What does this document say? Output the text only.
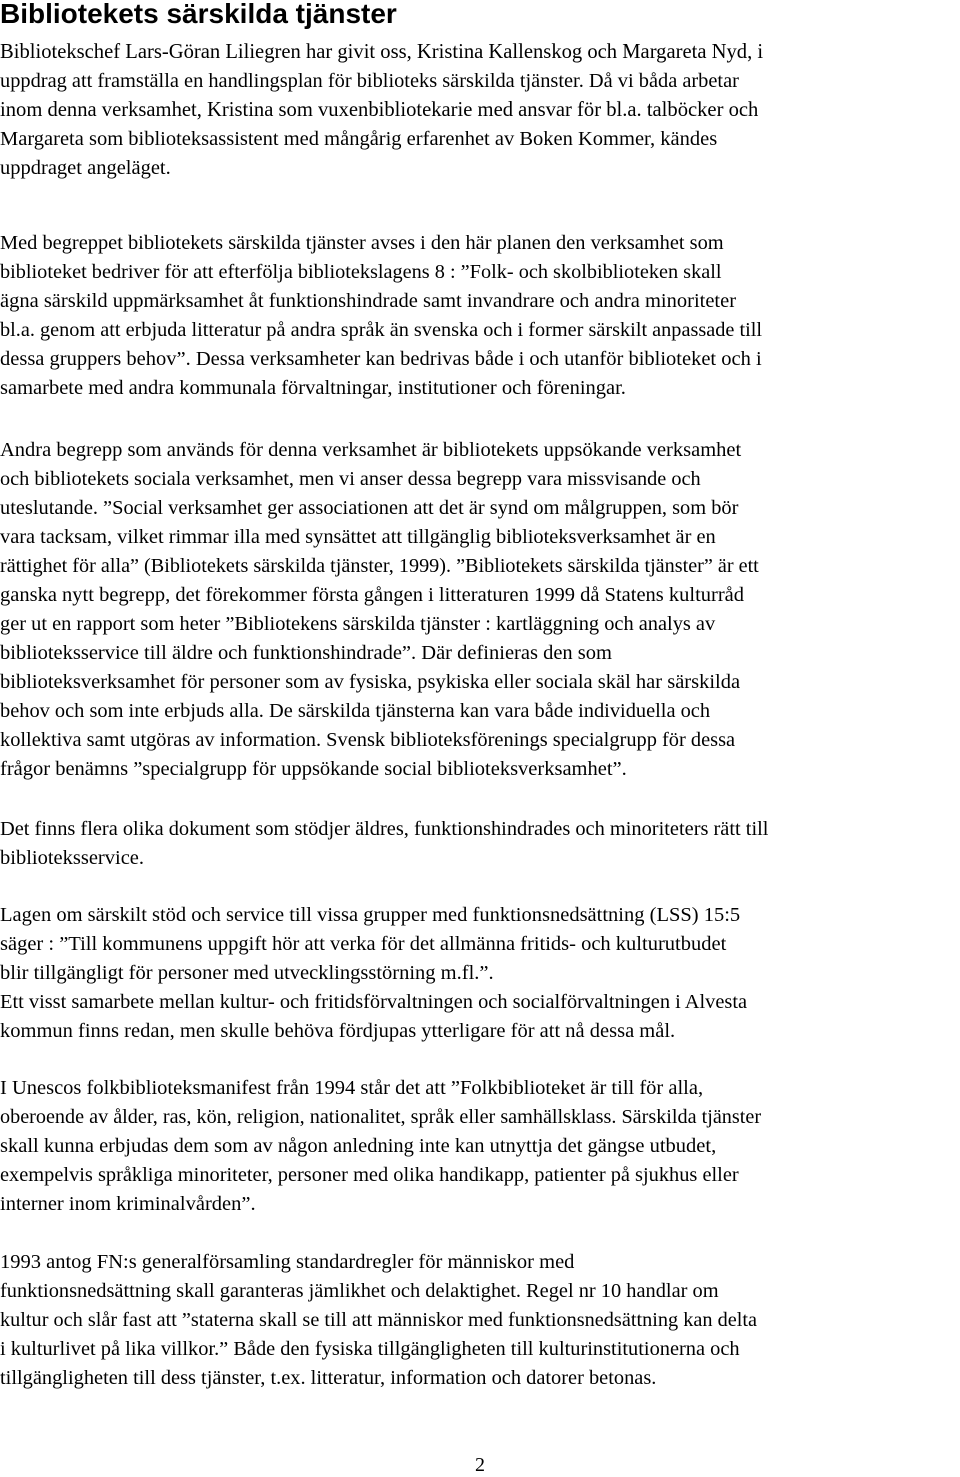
Bibliotekets särskilda tjänster
Bibliotekschef Lars-Göran Liliegren har givit oss, Kristina Kallenskog och Margareta Nyd, i
uppdrag att framställa en handlingsplan för biblioteks särskilda tjänster. Då vi båda arbetar
inom denna verksamhet, Kristina som vuxenbibliotekarie med ansvar för bl.a. talböcker och
Margareta som biblioteksassistent med mångårig erfarenhet av Boken Kommer, kändes
uppdraget angeläget.
Med begreppet bibliotekets särskilda tjänster avses i den här planen den verksamhet som
biblioteket bedriver för att efterfölja bibliotekslagens 8 : ”Folk- och skolbiblioteken skall
ägna särskild uppmärksamhet åt funktionshindrade samt invandrare och andra minoriteter
bl.a. genom att erbjuda litteratur på andra språk än svenska och i former särskilt anpassade till
dessa gruppers behov”. Dessa verksamheter kan bedrivas både i och utanför biblioteket och i
samarbete med andra kommunala förvaltningar, institutioner och föreningar.
Andra begrepp som används för denna verksamhet är bibliotekets uppsökande verksamhet
och bibliotekets sociala verksamhet, men vi anser dessa begrepp vara missvisande och
uteslutande. ”Social verksamhet ger associationen att det är synd om målgruppen, som bör
vara tacksam, vilket rimmar illa med synsättet att tillgänglig biblioteksverksamhet är en
rättighet för alla” (Bibliotekets särskilda tjänster, 1999). ”Bibliotekets särskilda tjänster” är ett
ganska nytt begrepp, det förekommer första gången i litteraturen 1999 då Statens kulturråd
ger ut en rapport som heter ”Bibliotekens särskilda tjänster : kartläggning och analys av
biblioteksservice till äldre och funktionshindrade”. Där definieras den som
biblioteksverksamhet för personer som av fysiska, psykiska eller sociala skäl har särskilda
behov och som inte erbjuds alla. De särskilda tjänsterna kan vara både individuella och
kollektiva samt utgöras av information. Svensk biblioteksförenings specialgrupp för dessa
frågor benämns ”specialgrupp för uppsökande social biblioteksverksamhet”.
Det finns flera olika dokument som stödjer äldres, funktionshindrades och minoriteters rätt till
biblioteksservice.
Lagen om särskilt stöd och service till vissa grupper med funktionsnedsättning (LSS) 15:5
säger : ”Till kommunens uppgift hör att verka för det allmänna fritids- och kulturutbudet
blir tillgängligt för personer med utvecklingsstörning m.fl.”.
Ett visst samarbete mellan kultur- och fritidsförvaltningen och socialförvaltningen i Alvesta
kommun finns redan, men skulle behöva fördjupas ytterligare för att nå dessa mål.
I Unescos folkbiblioteksmanifest från 1994 står det att ”Folkbiblioteket är till för alla,
oberoende av ålder, ras, kön, religion, nationalitet, språk eller samhällsklass. Särskilda tjänster
skall kunna erbjudas dem som av någon anledning inte kan utnyttja det gängse utbudet,
exempelvis språkliga minoriteter, personer med olika handikapp, patienter på sjukhus eller
interner inom kriminalvården”.
1993 antog FN:s generalförsamling standardregler för människor med
funktionsnedsättning skall garanteras jämlikhet och delaktighet. Regel nr 10 handlar om
kultur och slår fast att ”staterna skall se till att människor med funktionsnedsättning kan delta
i kulturlivet på lika villkor.” Både den fysiska tillgängligheten till kulturinstitutionerna och
tillgängligheten till dess tjänster, t.ex. litteratur, information och datorer betonas.
2
